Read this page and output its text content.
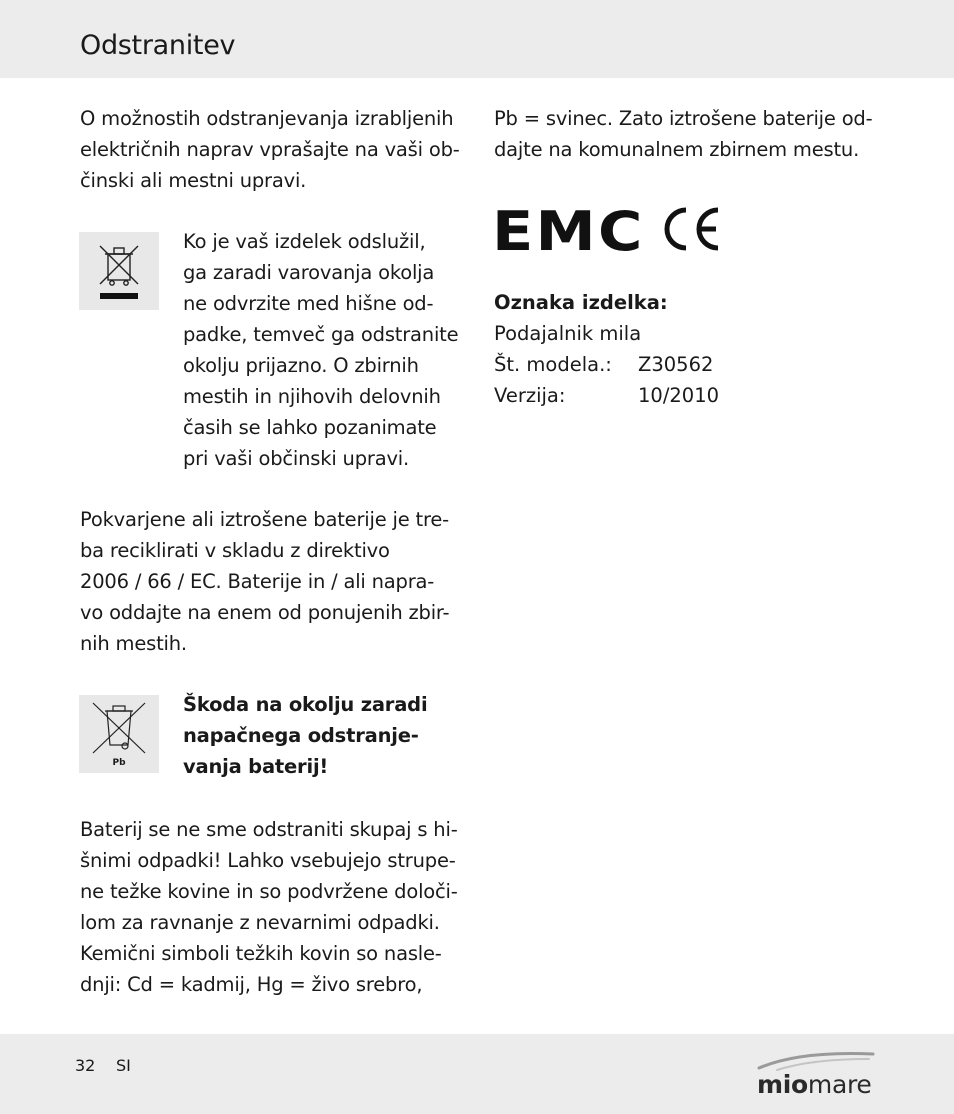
Odstranitev
O možnostih odstranjevanja izrabljenih
električnih naprav vprašajte na vaši ob-
činski ali mestni upravi.
Ko je vaš izdelek odslužil,
ga zaradi varovanja okolja
ne odvrzite med hišne od-
padke, temveč ga odstranite
okolju prijazno. O zbirnih
mestih in njihovih delovnih
časih se lahko pozanimate
pri vaši občinski upravi.
Pokvarjene ali iztrošene baterije je tre-
ba reciklirati v skladu z direktivo
2006 / 66 / EC. Baterije in / ali napra-
vo oddajte na enem od ponujenih zbir-
nih mestih.
Pb
Škoda na okolju zaradi
napačnega odstranje-
vanja baterij!
Baterij se ne sme odstraniti skupaj s hi-
šnimi odpadki! Lahko vsebujejo strupe-
ne težke kovine in so podvržene določi-
lom za ravnanje z nevarnimi odpadki.
Kemični simboli težkih kovin so nasle-
dnji: Cd = kadmij, Hg = živo srebro,
Pb = svinec. Zato iztrošene baterije od-
dajte na komunalnem zbirnem mestu.
EMC
Oznaka izdelka:
Podajalnik mila
Št. modela.: Z30562
Verzija:	10/2010
32 SI
miomare
